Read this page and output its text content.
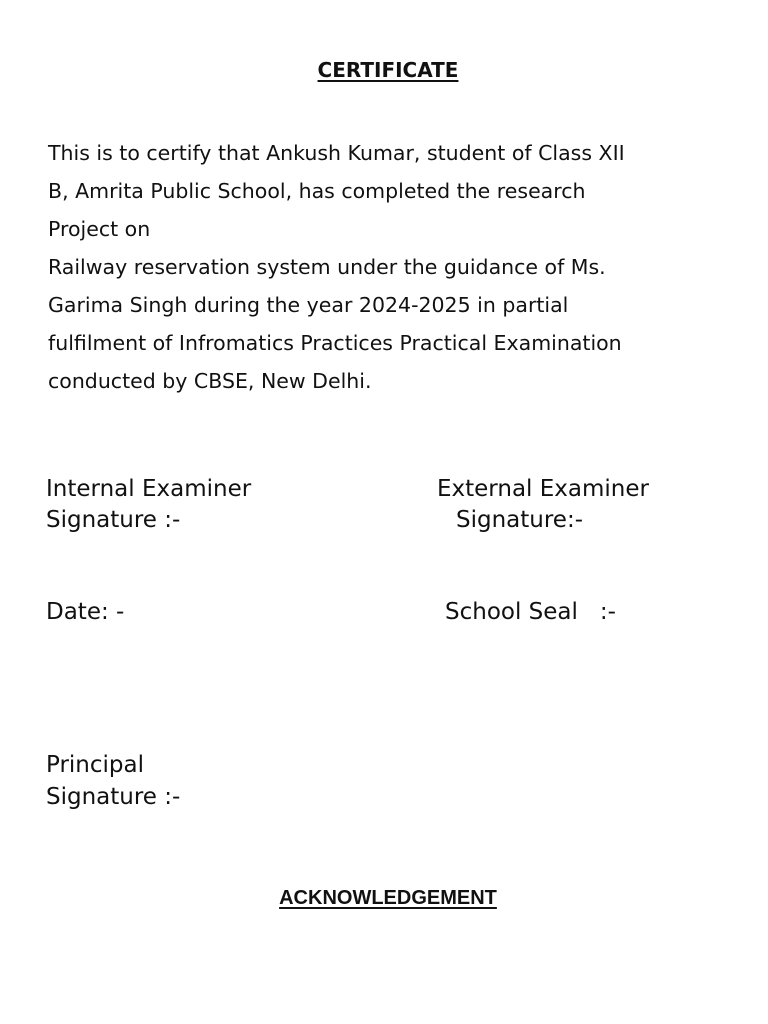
CERTIFICATE
This is to certify that Ankush Kumar, student of Class XII
B, Amrita Public School, has completed the research
Project on
Railway reservation system under the guidance of Ms.
Garima Singh during the year 2024-2025 in partial
fulfilment of Infromatics Practices Practical Examination
conducted by CBSE, New Delhi.
Internal Examiner
Signature :-
External Examiner
Signature:-
Date: -	School Seal   :-
Principal
Signature :-
ACKNOWLEDGEMENT
